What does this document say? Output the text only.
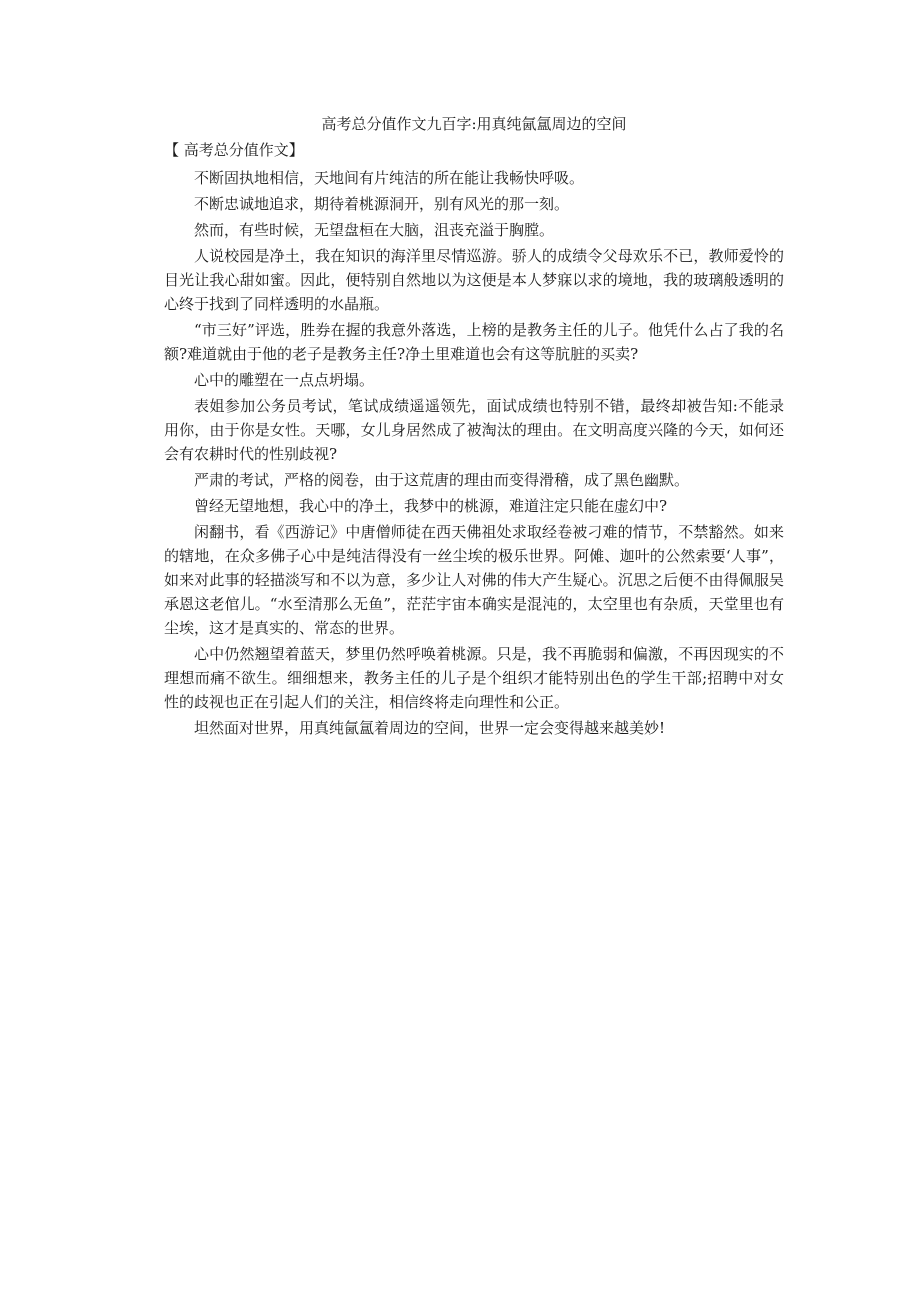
高考总分值作文九百字:用真纯氤氲周边的空间
【 高考总分值作文】

不断固执地相信，天地间有片纯洁的所在能让我畅快呼吸。

不断忠诚地追求，期待着桃源洞开，别有风光的那一刻。

然而，有些时候，无望盘桓在大脑，沮丧充溢于胸膛。

人说校园是净土，我在知识的海洋里尽情巡游。骄人的成绩令父母欢乐不已，教师爱怜的目光让我心甜如蜜。因此，便特别自然地以为这便是本人梦寐以求的境地，我的玻璃般透明的心终于找到了同样透明的水晶瓶。

“市三好”评选，胜券在握的我意外落选，上榜的是教务主任的儿子。他凭什么占了我的名额?难道就由于他的老子是教务主任?净土里难道也会有这等肮脏的买卖?

心中的雕塑在一点点坍塌。

表姐参加公务员考试，笔试成绩遥遥领先，面试成绩也特别不错，最终却被告知:不能录用你，由于你是女性。天哪，女儿身居然成了被淘汰的理由。在文明高度兴隆的今天，如何还会有农耕时代的性别歧视?

严肃的考试，严格的阅卷，由于这荒唐的理由而变得滑稽，成了黑色幽默。

曾经无望地想，我心中的净土，我梦中的桃源，难道注定只能在虚幻中?

闲翻书，看《西游记》中唐僧师徒在西天佛祖处求取经卷被刁难的情节，不禁豁然。如来的辖地，在众多佛子心中是纯洁得没有一丝尘埃的极乐世界。阿傩、迦叶的公然索要‘人事”，如来对此事的轻描淡写和不以为意，多少让人对佛的伟大产生疑心。沉思之后便不由得佩服吴承恩这老倌儿。“水至清那么无鱼”，茫茫宇宙本确实是混沌的，太空里也有杂质，天堂里也有尘埃，这才是真实的、常态的世界。

心中仍然翘望着蓝天，梦里仍然呼唤着桃源。只是，我不再脆弱和偏激，不再因现实的不理想而痛不欲生。细细想来，教务主任的儿子是个组织才能特别出色的学生干部;招聘中对女性的歧视也正在引起人们的关注，相信终将走向理性和公正。

坦然面对世界，用真纯氤氲着周边的空间，世界一定会变得越来越美妙!
